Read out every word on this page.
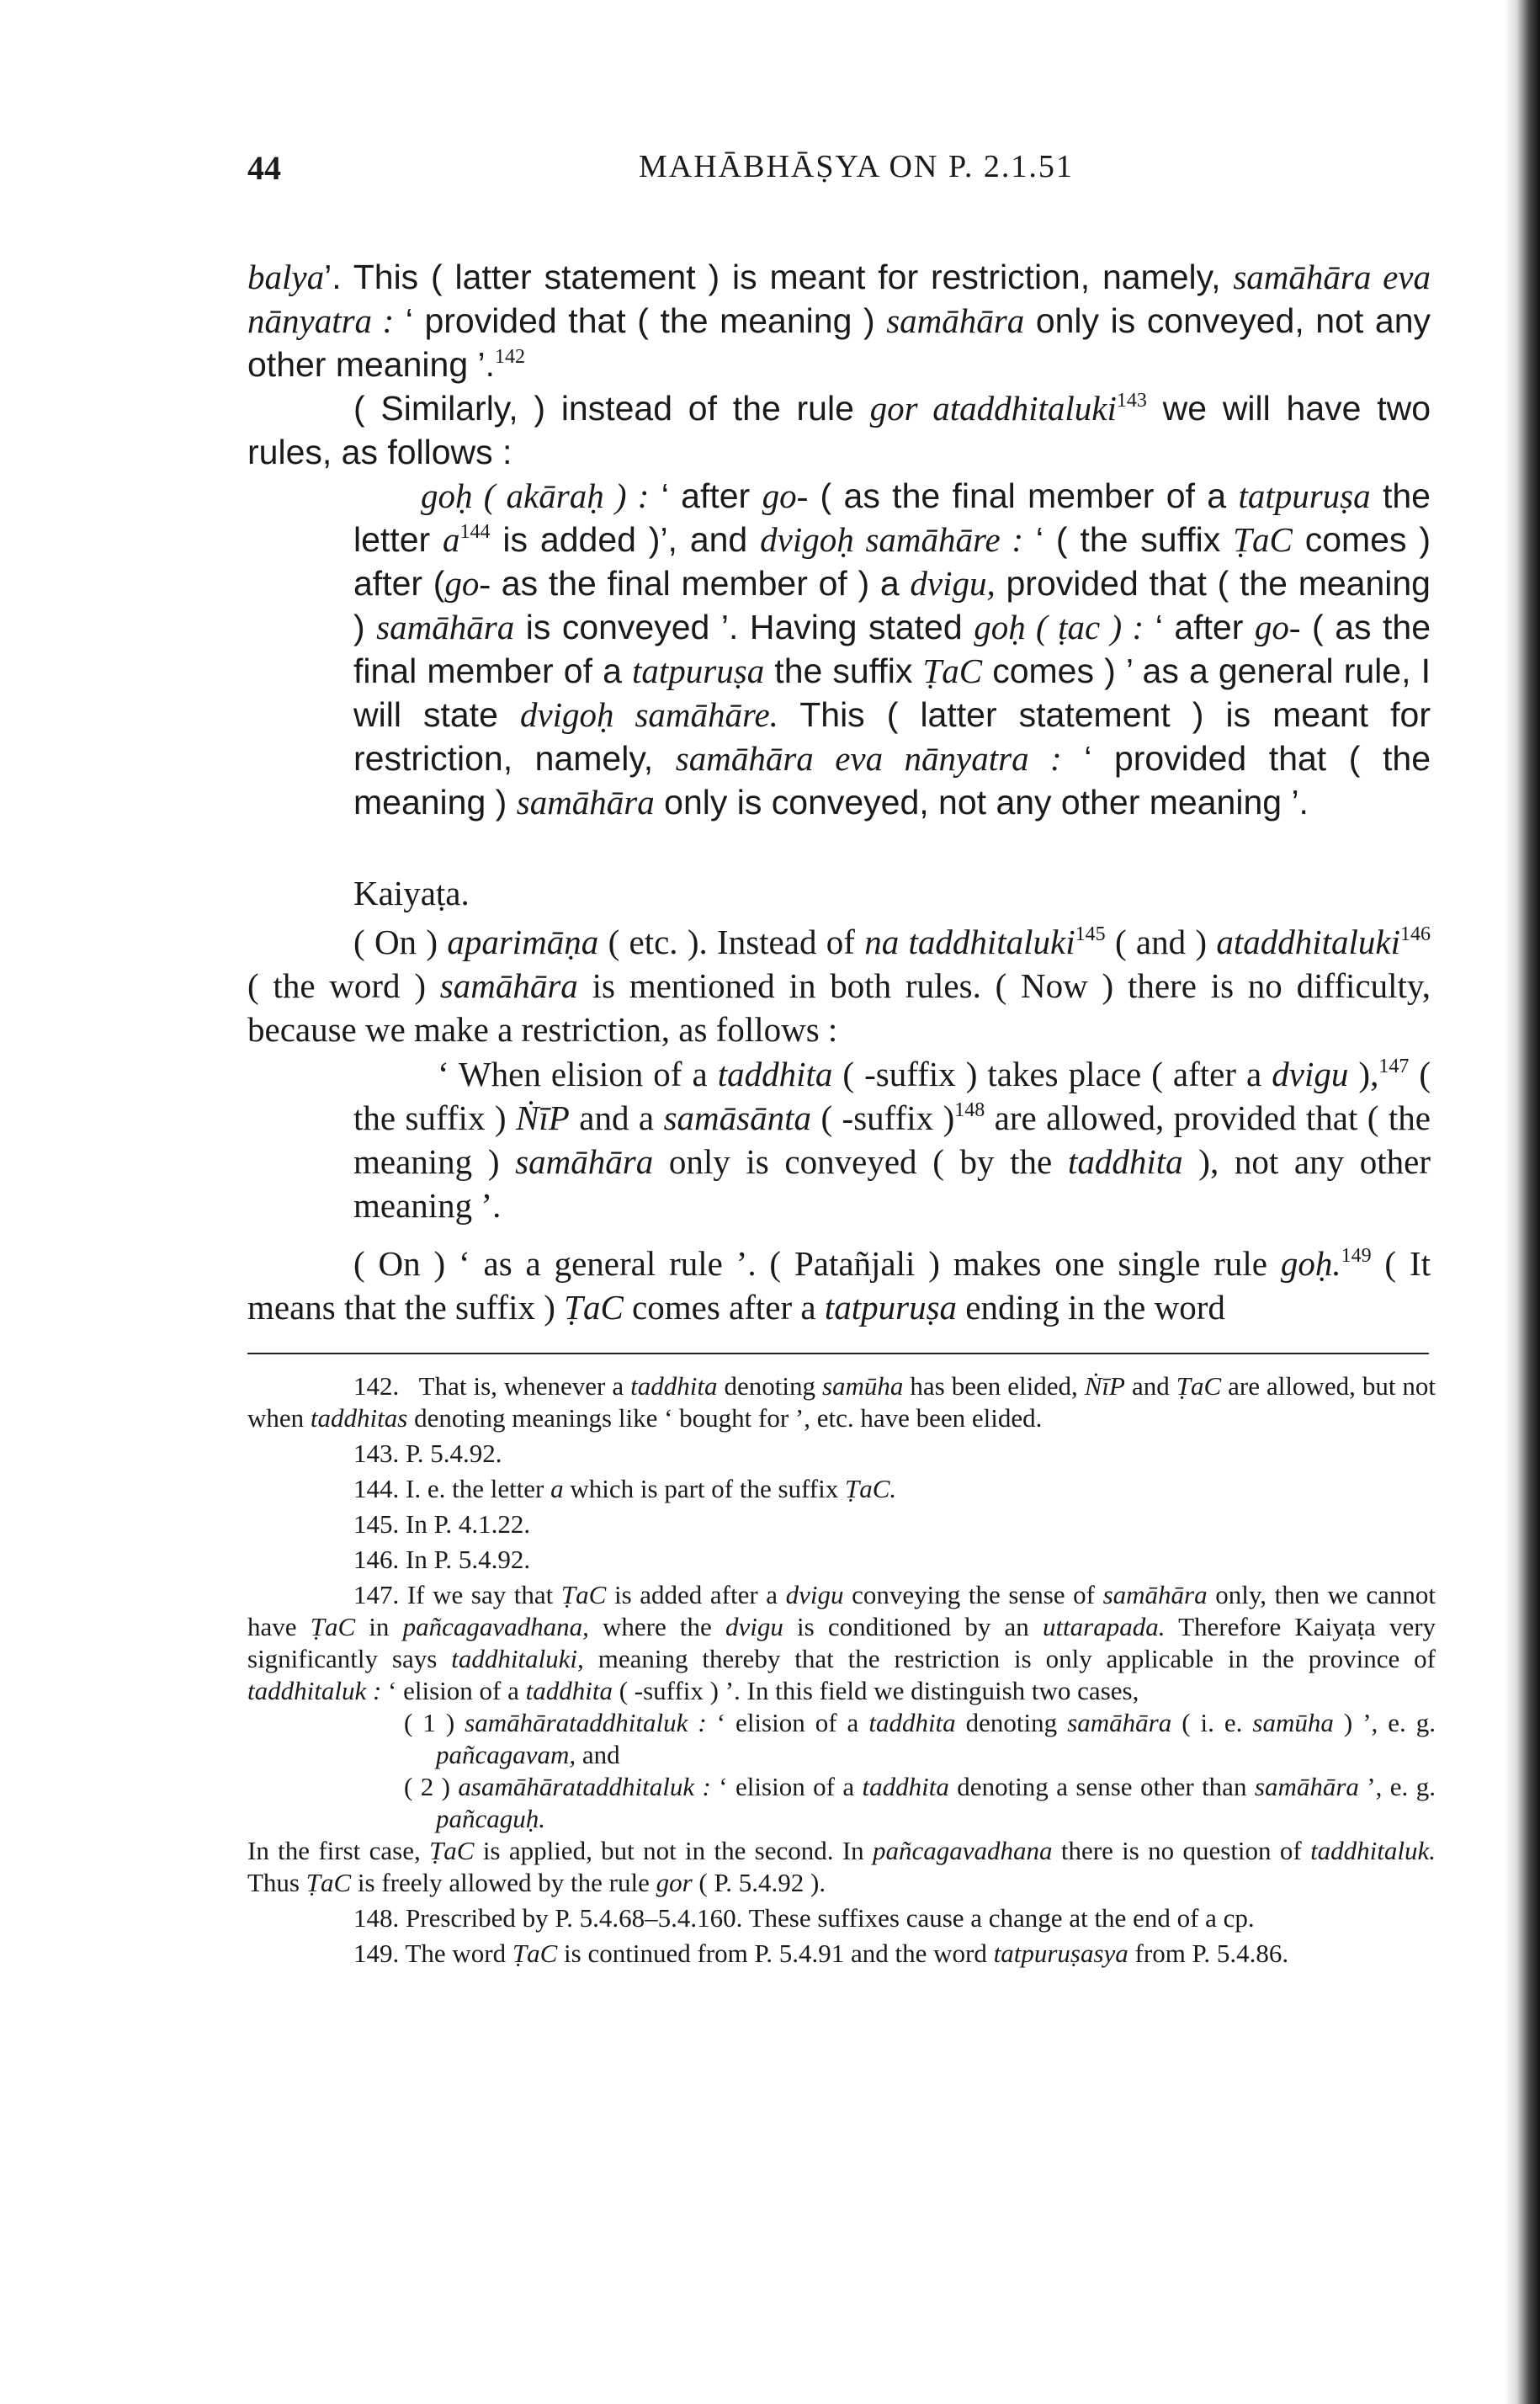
44	MAHĀBHĀṢYA ON P. 2.1.51

balya’. This ( latter statement ) is meant for restriction, namely, samāhāra eva nānyatra : ‘ provided that ( the meaning ) samāhāra only is conveyed, not any other meaning ’.$^{142}$

( Similarly, ) instead of the rule gor ataddhitaluki$^{143}$ we will have two rules, as follows :

goḥ ( akāraḥ ) : ‘ after go- ( as the final member of a tatpuruṣa the letter $a^{144}$ is added )’, and dvigoḥ samāhāre : ‘ ( the suffix ṬaC comes ) after (go- as the final member of ) a dvigu, provided that ( the meaning ) samāhāra is conveyed ’. Having stated goḥ ( ṭac ) : ‘ after go- ( as the final member of a tatpuruṣa the suffix ṬaC comes ) ’ as a general rule, I will state dvigoḥ samāhāre. This ( latter statement ) is meant for restriction, namely, samāhāra eva nānyatra : ‘ provided that ( the meaning ) samāhāra only is conveyed, not any other meaning ’.

Kaiyaṭa.

( On ) aparimāṇa ( etc. ). Instead of na taddhitaluki$^{145}$ ( and ) ataddhitaluki$^{146}$ ( the word ) samāhāra is mentioned in both rules. ( Now ) there is no difficulty, because we make a restriction, as follows :

‘ When elision of a taddhita ( -suffix ) takes place ( after a dvigu ),$^{147}$ ( the suffix ) ṄīP and a samāsānta ( -suffix )$^{148}$ are allowed, provided that ( the meaning ) samāhāra only is conveyed ( by the taddhita ), not any other meaning ’.

( On ) ‘ as a general rule ’. ( Patañjali ) makes one single rule goḥ.$^{149}$ ( It means that the suffix ) ṬaC comes after a tatpuruṣa ending in the word

142. That is, whenever a taddhita denoting samūha has been elided, ṄīP and ṬaC are allowed, but not when taddhitas denoting meanings like ‘ bought for ’, etc. have been elided.

143. P. 5.4.92.

144. I. e. the letter a which is part of the suffix ṬaC.

145. In P. 4.1.22.

146. In P. 5.4.92.

147. If we say that ṬaC is added after a dvigu conveying the sense of samāhāra only, then we cannot have ṬaC in pañcagavadhana, where the dvigu is conditioned by an uttarapada. Therefore Kaiyaṭa very significantly says taddhitaluki, meaning thereby that the restriction is only applicable in the province of taddhitaluk : ‘ elision of a taddhita ( -suffix ) ’. In this field we distinguish two cases,

( 1 ) samāhārataddhitaluk : ‘ elision of a taddhita denoting samāhāra ( i. e. samūha ) ’, e. g. pañcagavam, and

( 2 ) asamāhārataddhitaluk : ‘ elision of a taddhita denoting a sense other than samāhāra ’, e. g. pañcaguḥ.

In the first case, ṬaC is applied, but not in the second. In pañcagavadhana there is no question of taddhitaluk. Thus ṬaC is freely allowed by the rule gor ( P. 5.4.92 ).

148. Prescribed by P. 5.4.68–5.4.160. These suffixes cause a change at the end of a cp.

149. The word ṬaC is continued from P. 5.4.91 and the word tatpuruṣasya from P. 5.4.86.
